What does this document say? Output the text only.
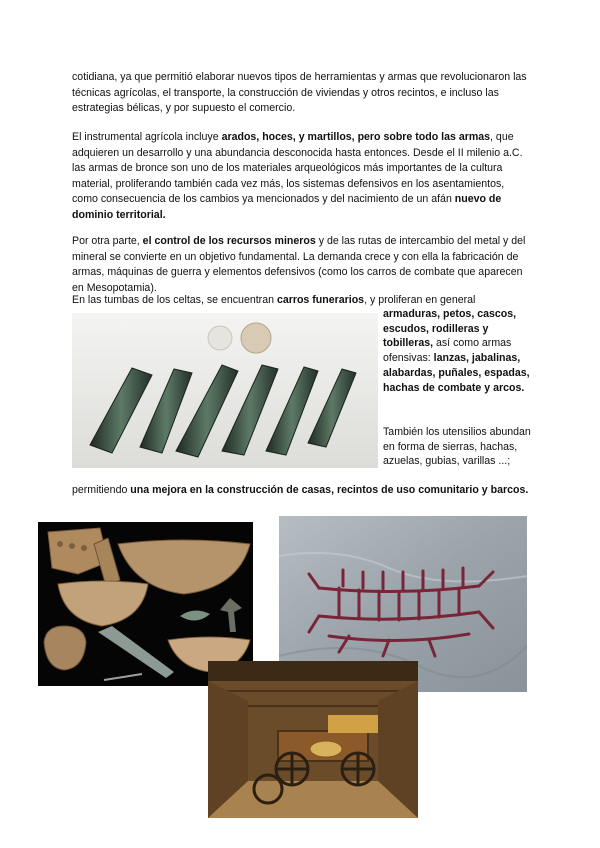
cotidiana, ya que permitió elaborar nuevos tipos de herramientas y armas que revolucionaron las técnicas agrícolas, el transporte, la construcción de viviendas y otros recintos, e incluso las estrategias bélicas, y por supuesto el comercio.
El instrumental agrícola incluye arados, hoces, y martillos, pero sobre todo las armas, que adquieren un desarrollo y una abundancia desconocida hasta entonces. Desde el II milenio a.C. las armas de bronce son uno de los materiales arqueológicos más importantes de la cultura material, proliferando también cada vez más, los sistemas defensivos en los asentamientos, como consecuencia de los cambios ya mencionados y del nacimiento de un afán nuevo de dominio territorial.
Por otra parte, el control de los recursos mineros y de las rutas de intercambio del metal y del mineral se convierte en un objetivo fundamental. La demanda crece y con ella la fabricación de armas, máquinas de guerra y elementos defensivos (como los carros de combate que aparecen en Mesopotamia).
En las tumbas de los celtas, se encuentran carros funerarios, y proliferan en general
armaduras, petos, cascos, escudos, rodilleras y tobilleras, así como armas ofensivas: lanzas, jabalinas, alabardas, puñales, espadas, hachas de combate y arcos.
También los utensilios abundan en forma de sierras, hachas, azuelas, gubias, varillas ...;
permitiendo una mejora en la construcción de casas, recintos de uso comunitario y barcos.
